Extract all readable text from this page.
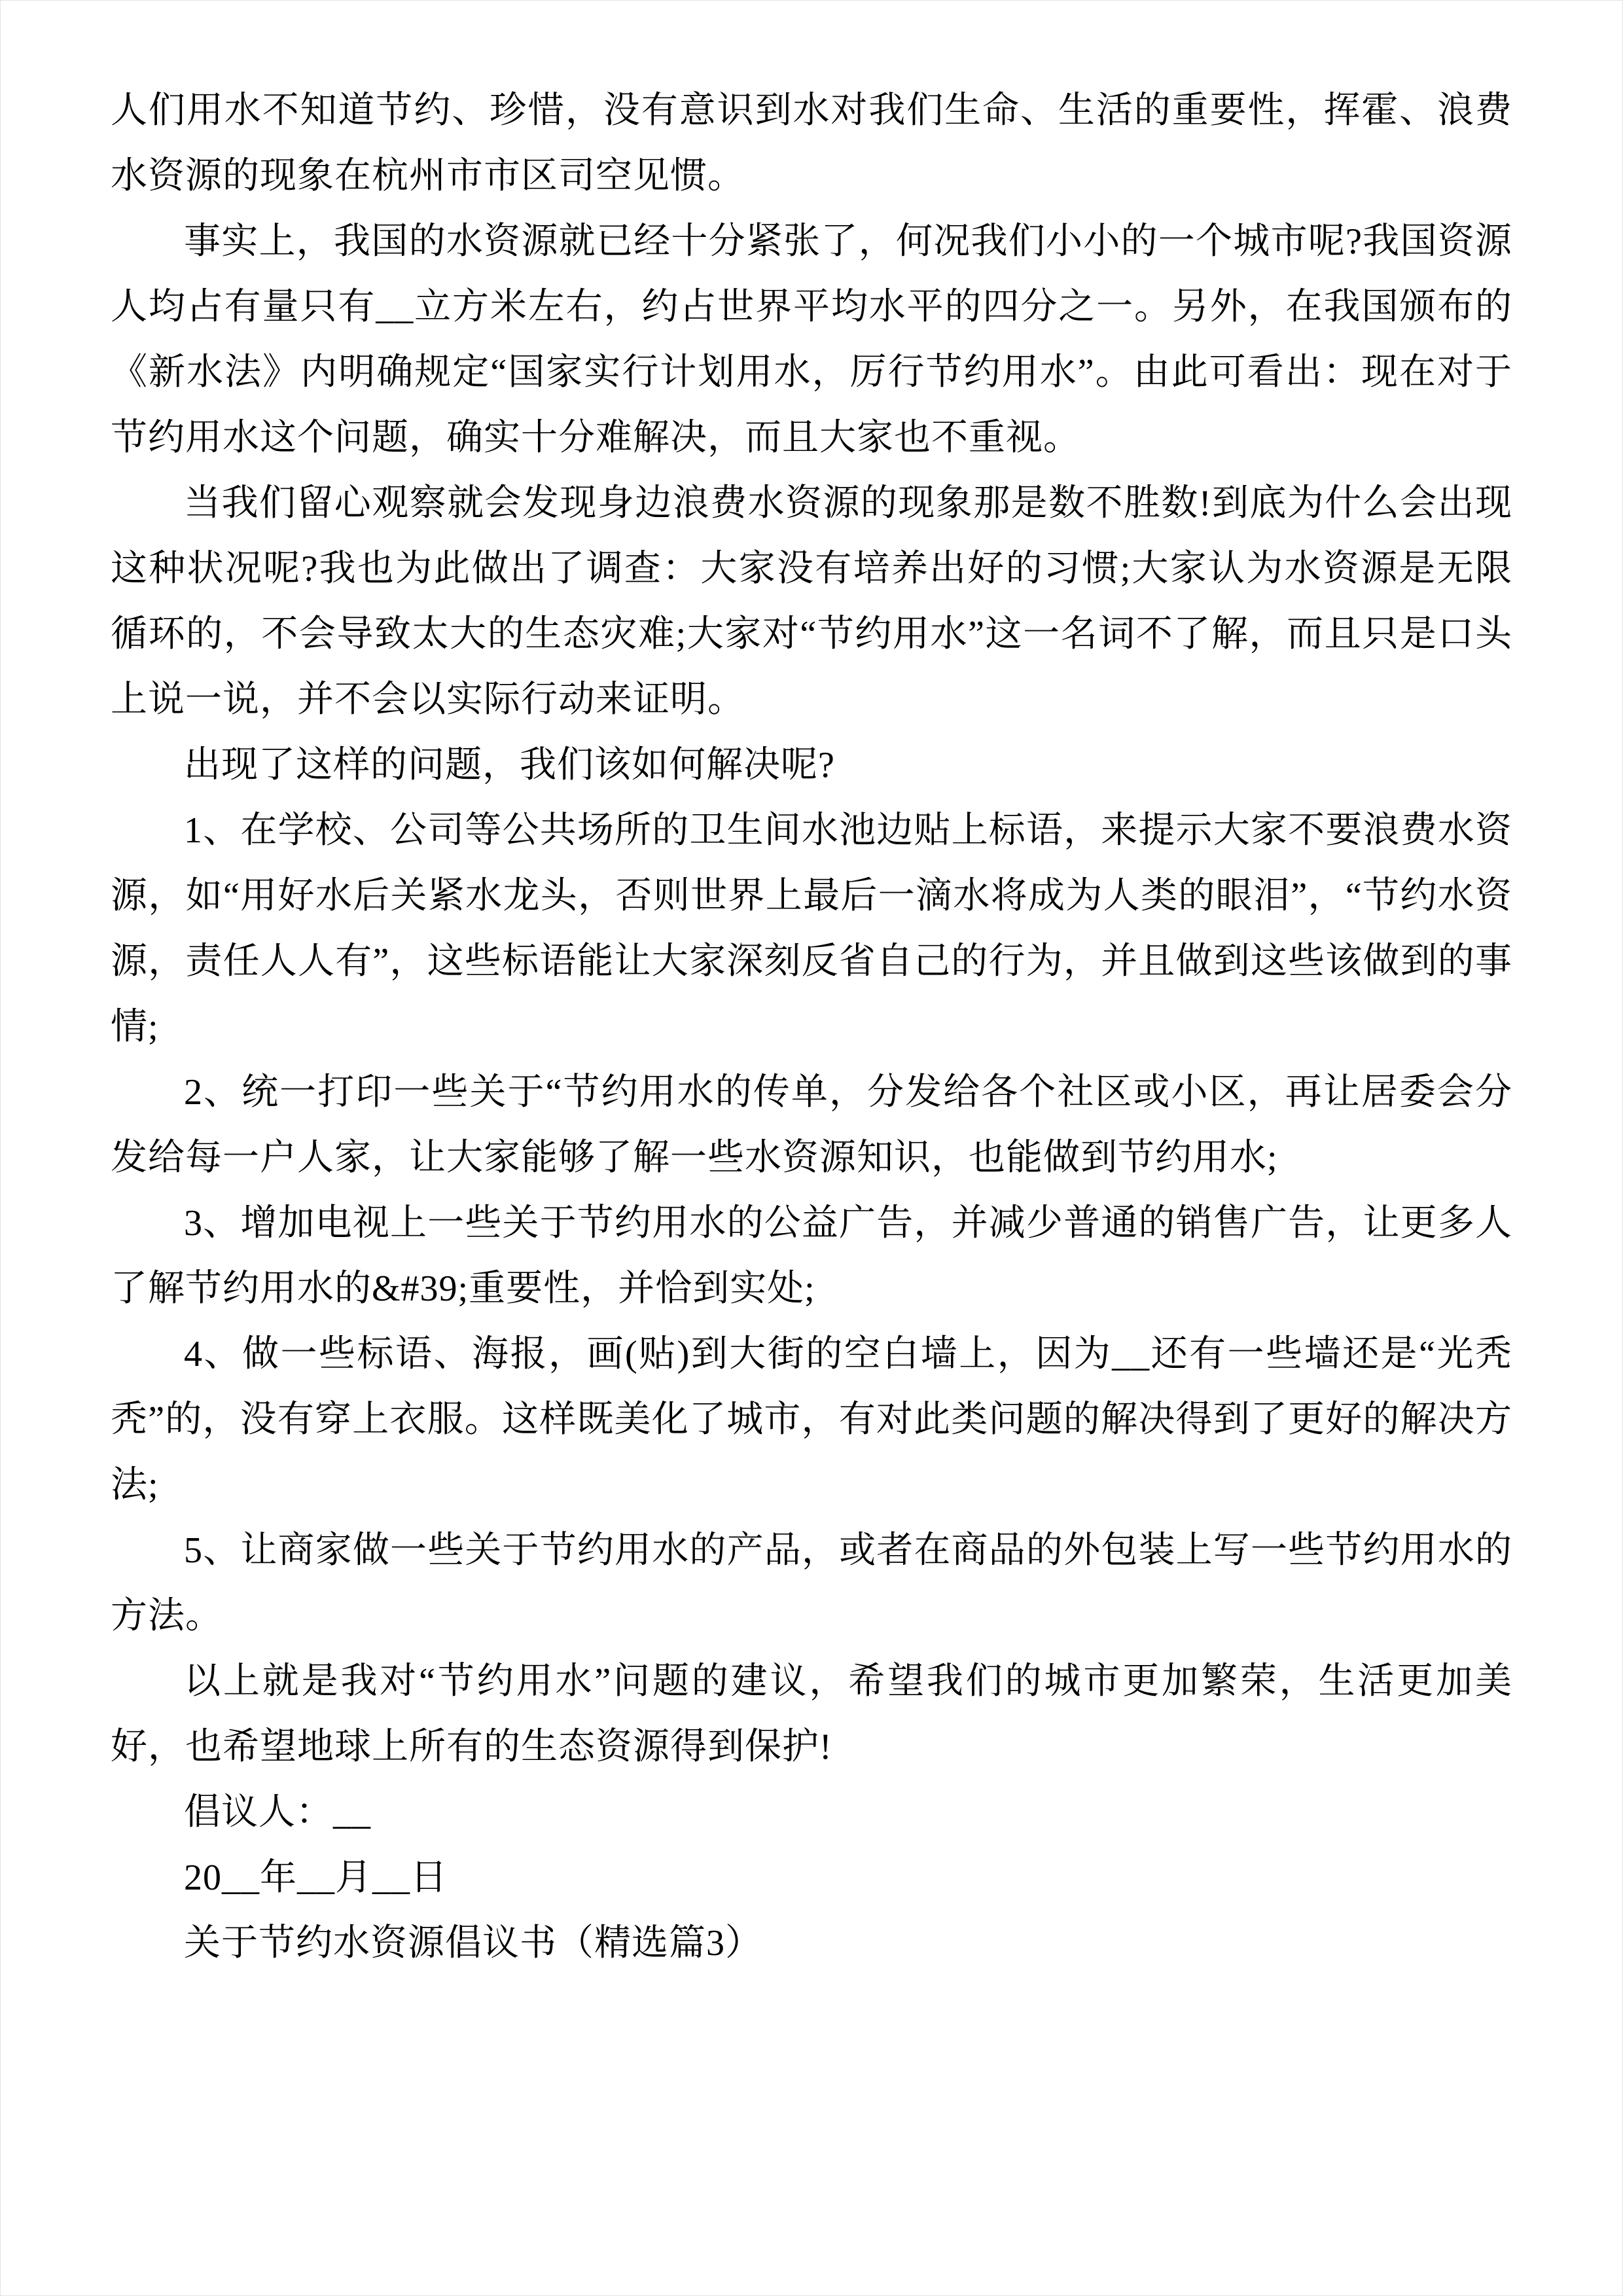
人们用水不知道节约、珍惜，没有意识到水对我们生命、生活的重要性，挥霍、浪费水资源的现象在杭州市市区司空见惯。

事实上，我国的水资源就已经十分紧张了，何况我们小小的一个城市呢?我国资源人均占有量只有__立方米左右，约占世界平均水平的四分之一。另外，在我国颁布的《新水法》内明确规定“国家实行计划用水，厉行节约用水”。由此可看出：现在对于节约用水这个问题，确实十分难解决，而且大家也不重视。

当我们留心观察就会发现身边浪费水资源的现象那是数不胜数!到底为什么会出现这种状况呢?我也为此做出了调查：大家没有培养出好的习惯;大家认为水资源是无限循环的，不会导致太大的生态灾难;大家对“节约用水”这一名词不了解，而且只是口头上说一说，并不会以实际行动来证明。

出现了这样的问题，我们该如何解决呢?

1、在学校、公司等公共场所的卫生间水池边贴上标语，来提示大家不要浪费水资源，如“用好水后关紧水龙头，否则世界上最后一滴水将成为人类的眼泪”，“节约水资源，责任人人有”，这些标语能让大家深刻反省自己的行为，并且做到这些该做到的事情;

2、统一打印一些关于“节约用水的传单，分发给各个社区或小区，再让居委会分发给每一户人家，让大家能够了解一些水资源知识，也能做到节约用水;

3、增加电视上一些关于节约用水的公益广告，并减少普通的销售广告，让更多人了解节约用水的&#39;重要性，并恰到实处;

4、做一些标语、海报，画(贴)到大街的空白墙上，因为__还有一些墙还是“光秃秃”的，没有穿上衣服。这样既美化了城市，有对此类问题的解决得到了更好的解决方法;

5、让商家做一些关于节约用水的产品，或者在商品的外包装上写一些节约用水的方法。

以上就是我对“节约用水”问题的建议，希望我们的城市更加繁荣，生活更加美好，也希望地球上所有的生态资源得到保护!

倡议人：__

20__年__月__日

关于节约水资源倡议书（精选篇3）
